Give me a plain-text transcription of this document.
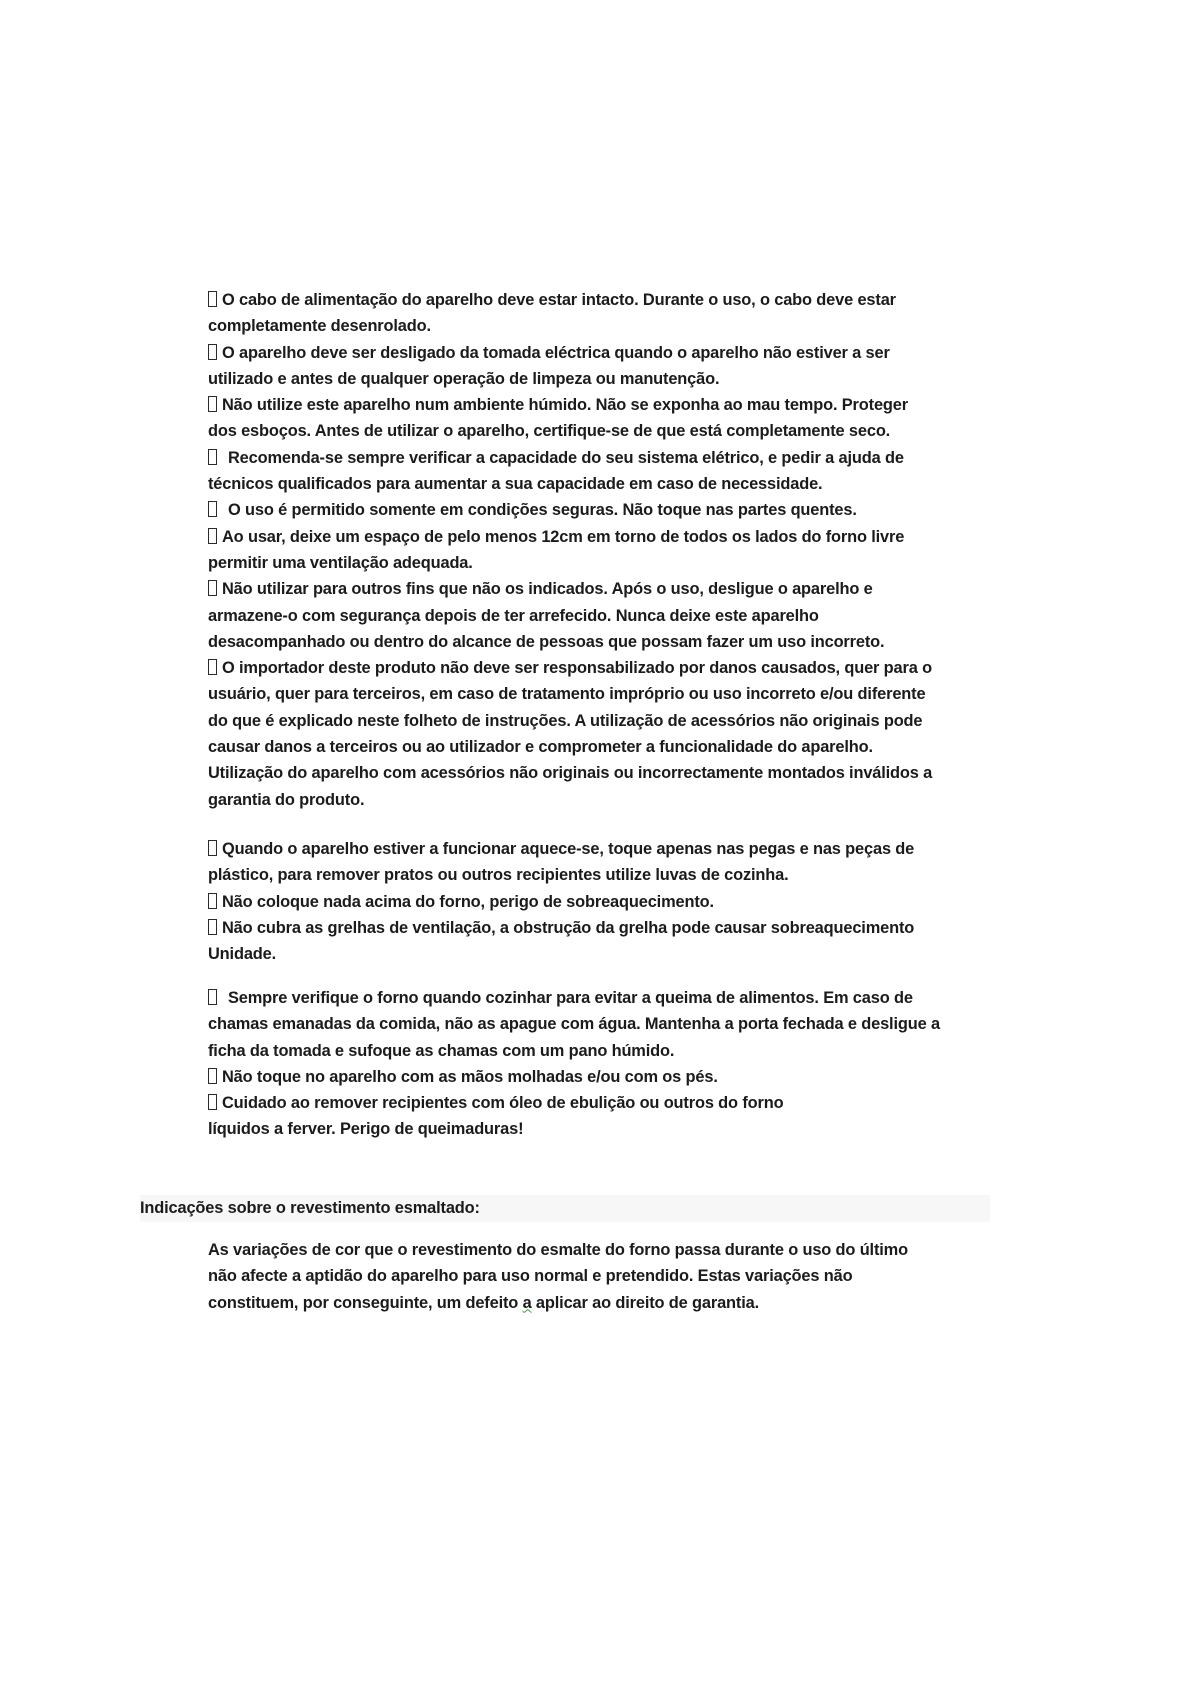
O cabo de alimentação do aparelho deve estar intacto. Durante o uso, o cabo deve estar
completamente desenrolado.

O aparelho deve ser desligado da tomada eléctrica quando o aparelho não estiver a ser
utilizado e antes de qualquer operação de limpeza ou manutenção.

Não utilize este aparelho num ambiente húmido. Não se exponha ao mau tempo. Proteger
dos esboços. Antes de utilizar o aparelho, certifique-se de que está completamente seco.

Recomenda-se sempre verificar a capacidade do seu sistema elétrico, e pedir a ajuda de
técnicos qualificados para aumentar a sua capacidade em caso de necessidade.

O uso é permitido somente em condições seguras. Não toque nas partes quentes.

Ao usar, deixe um espaço de pelo menos 12cm em torno de todos os lados do forno livre
permitir uma ventilação adequada.

Não utilizar para outros fins que não os indicados. Após o uso, desligue o aparelho e
armazene-o com segurança depois de ter arrefecido. Nunca deixe este aparelho
desacompanhado ou dentro do alcance de pessoas que possam fazer um uso incorreto.

O importador deste produto não deve ser responsabilizado por danos causados, quer para o
usuário, quer para terceiros, em caso de tratamento impróprio ou uso incorreto e/ou diferente
do que é explicado neste folheto de instruções. A utilização de acessórios não originais pode
causar danos a terceiros ou ao utilizador e comprometer a funcionalidade do aparelho.
Utilização do aparelho com acessórios não originais ou incorrectamente montados inválidos a
garantia do produto.

Quando o aparelho estiver a funcionar aquece-se, toque apenas nas pegas e nas peças de
plástico, para remover pratos ou outros recipientes utilize luvas de cozinha.

Não coloque nada acima do forno, perigo de sobreaquecimento.

Não cubra as grelhas de ventilação, a obstrução da grelha pode causar sobreaquecimento
Unidade.

Sempre verifique o forno quando cozinhar para evitar a queima de alimentos. Em caso de
chamas emanadas da comida, não as apague com água. Mantenha a porta fechada e desligue a
ficha da tomada e sufoque as chamas com um pano húmido.

Não toque no aparelho com as mãos molhadas e/ou com os pés.

Cuidado ao remover recipientes com óleo de ebulição ou outros do forno
líquidos a ferver. Perigo de queimaduras!

Indicações sobre o revestimento esmaltado:
As variações de cor que o revestimento do esmalte do forno passa durante o uso do último
não afecte a aptidão do aparelho para uso normal e pretendido. Estas variações não
constituem, por conseguinte, um defeito a aplicar ao direito de garantia.
